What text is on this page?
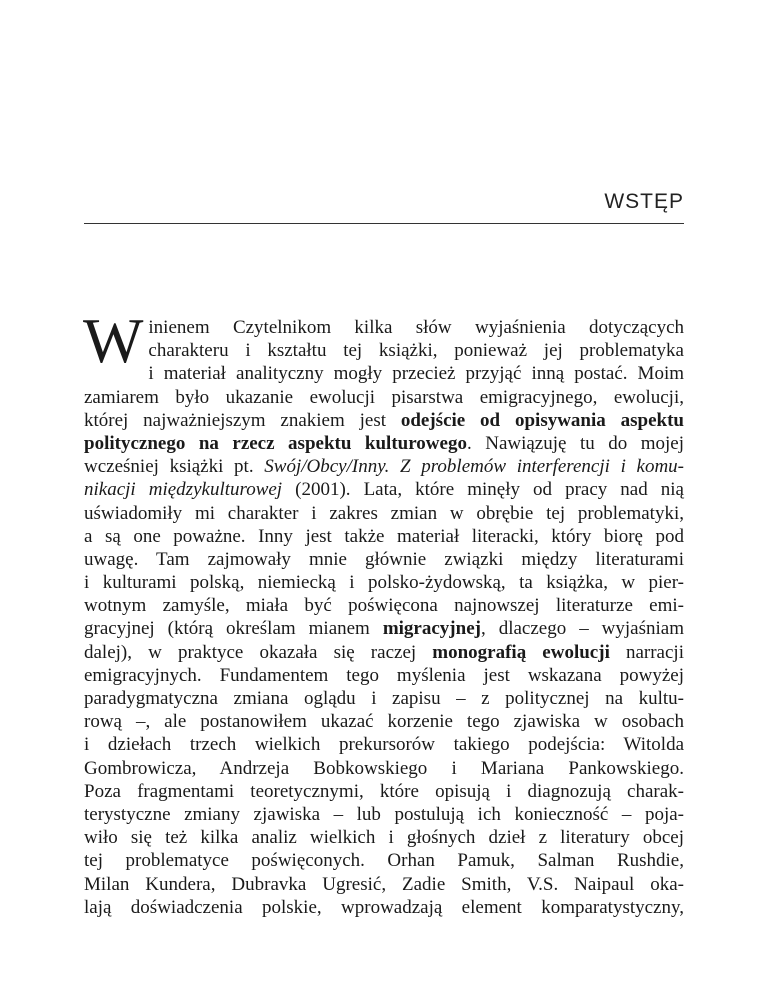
WSTĘP
W inienem Czytelnikom kilka słów wyjaśnienia dotyczących
charakteru i kształtu tej książki, ponieważ jej problematyka
i materiał analityczny mogły przecież przyjąć inną postać. Moim
zamiarem było ukazanie ewolucji pisarstwa emigracyjnego, ewolucji,
której najważniejszym znakiem jest odejście od opisywania aspektu
politycznego na rzecz aspektu kulturowego. Nawiązuję tu do mojej
wcześniej książki pt. Swój/Obcy/Inny. Z problemów interferencji i komu-
nikacji międzykulturowej (2001). Lata, które minęły od pracy nad nią
uświadomiły mi charakter i zakres zmian w obrębie tej problematyki,
a są one poważne. Inny jest także materiał literacki, który biorę pod
uwagę. Tam zajmowały mnie głównie związki między literaturami
i kulturami polską, niemiecką i polsko-żydowską, ta książka, w pier-
wotnym zamyśle, miała być poświęcona najnowszej literaturze emi-
gracyjnej (którą określam mianem migracyjnej, dlaczego – wyjaśniam
dalej), w praktyce okazała się raczej monografią ewolucji narracji
emigracyjnych. Fundamentem tego myślenia jest wskazana powyżej
paradygmatyczna zmiana oglądu i zapisu – z politycznej na kultu-
rową –, ale postanowiłem ukazać korzenie tego zjawiska w osobach
i dziełach trzech wielkich prekursorów takiego podejścia: Witolda
Gombrowicza, Andrzeja Bobkowskiego i Mariana Pankowskiego.
Poza fragmentami teoretycznymi, które opisują i diagnozują charak-
terystyczne zmiany zjawiska – lub postulują ich konieczność – poja-
wiło się też kilka analiz wielkich i głośnych dzieł z literatury obcej
tej problematyce poświęconych. Orhan Pamuk, Salman Rushdie,
Milan Kundera, Dubravka Ugresić, Zadie Smith, V.S. Naipaul oka-
lają doświadczenia polskie, wprowadzają element komparatystyczny,
